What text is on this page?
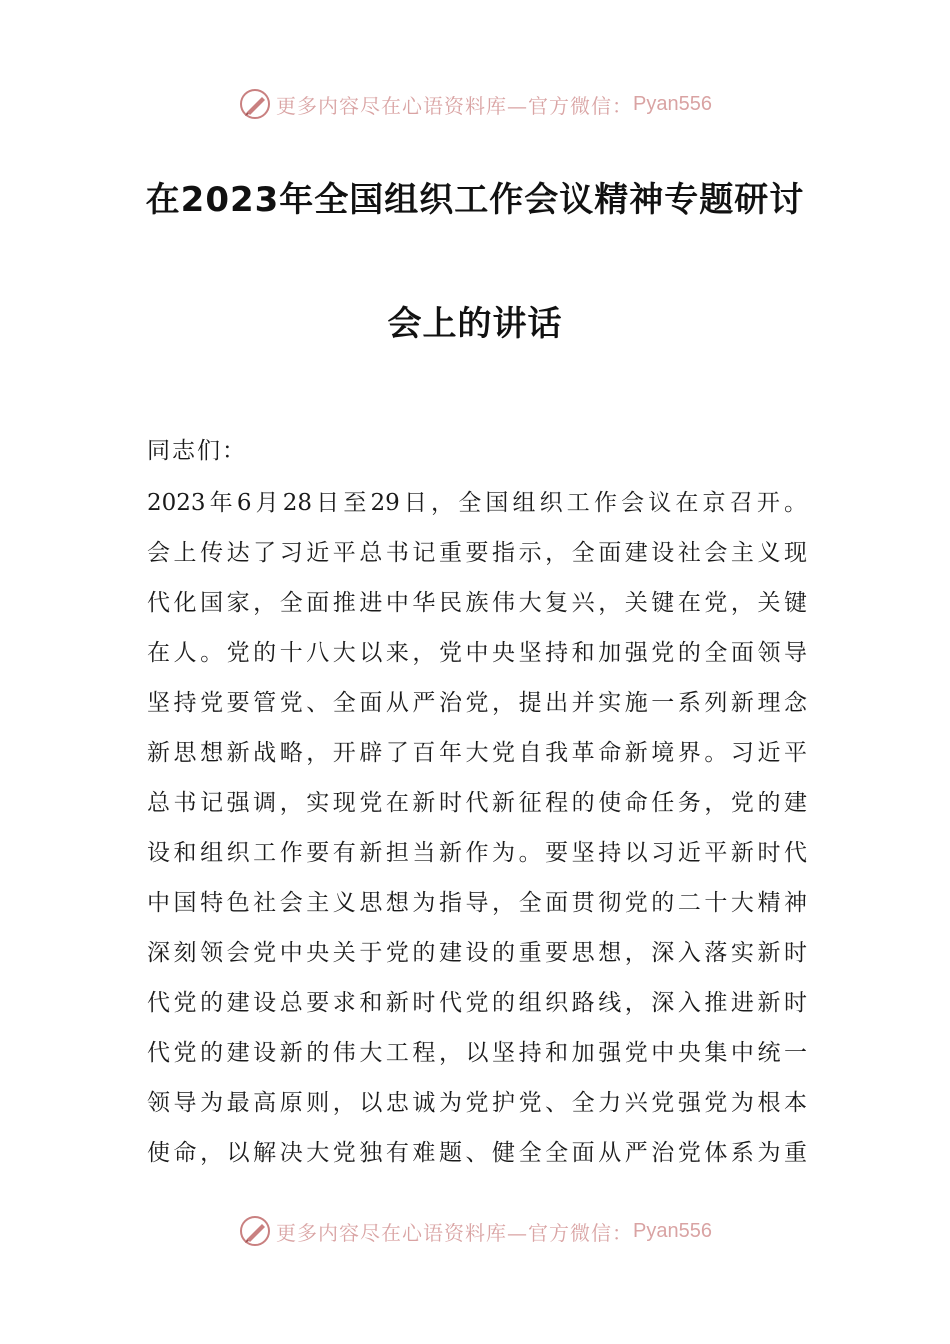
更多内容尽在心语资料库—官方微信： Pyan556
在2023年全国组织工作会议精神专题研讨
会上的讲话
同志们：
2023年6月28日至29日，全国组织工作会议在京召开。
会上传达了习近平总书记重要指示，全面建设社会主义现
代化国家，全面推进中华民族伟大复兴，关键在党，关键
在人。党的十八大以来，党中央坚持和加强党的全面领导
坚持党要管党、全面从严治党，提出并实施一系列新理念
新思想新战略，开辟了百年大党自我革命新境界。习近平
总书记强调，实现党在新时代新征程的使命任务，党的建
设和组织工作要有新担当新作为。要坚持以习近平新时代
中国特色社会主义思想为指导，全面贯彻党的二十大精神
深刻领会党中央关于党的建设的重要思想，深入落实新时
代党的建设总要求和新时代党的组织路线，深入推进新时
代党的建设新的伟大工程，以坚持和加强党中央集中统一
领导为最高原则，以忠诚为党护党、全力兴党强党为根本
使命，以解决大党独有难题、健全全面从严治党体系为重
更多内容尽在心语资料库—官方微信： Pyan556
